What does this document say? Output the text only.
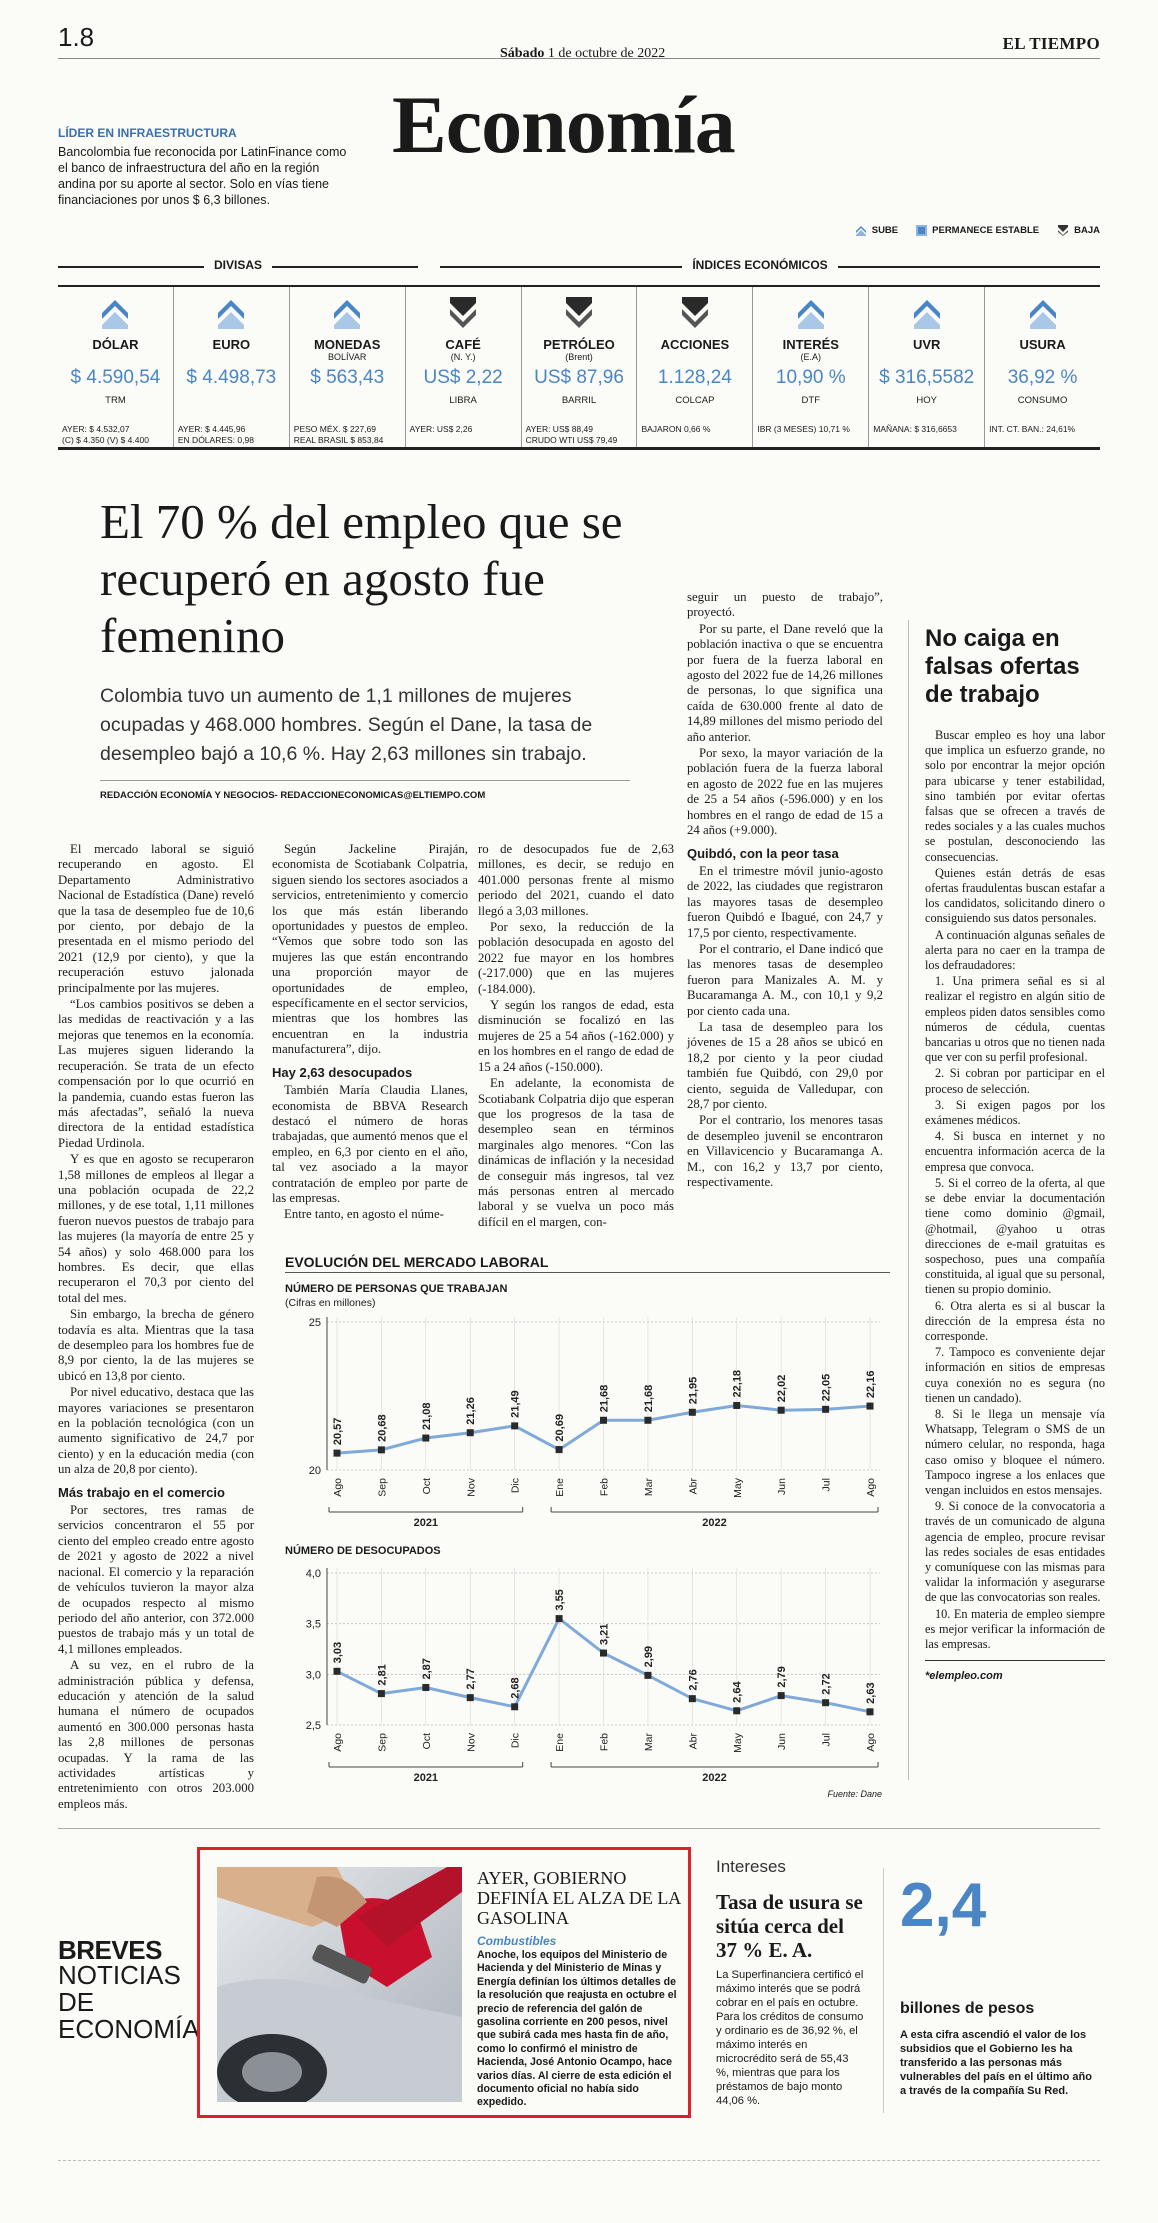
1.8
Sábado 1 de octubre de 2022
EL TIEMPO
Economía
LÍDER EN INFRAESTRUCTURA
Bancolombia fue reconocida por LatinFinance como el banco de infraestructura del año en la región andina por su aporte al sector. Solo en vías tiene financiaciones por unos $ 6,3 billones.
SUBE	PERMANECE ESTABLE	BAJA
DIVISAS	ÍNDICES ECONÓMICOS
DÓLAR
$ 4.590,54
TRM
AYER: $ 4.532,07
(C) $ 4.350 (V) $ 4.400
EURO
$ 4.498,73
AYER: $ 4.445,96
EN DÓLARES: 0,98
MONEDAS
BOLÍVAR
$ 563,43
PESO MÉX. $ 227,69
REAL BRASIL $ 853,84
CAFÉ
(N. Y.)
US$ 2,22
LIBRA
AYER: US$ 2,26
PETRÓLEO
(Brent)
US$ 87,96
BARRIL
AYER: US$ 88,49
CRUDO WTI US$ 79,49
ACCIONES
1.128,24
COLCAP
BAJARON 0,66 %
INTERÉS
(E.A)
10,90 %
DTF
IBR (3 MESES) 10,71 %
UVR
$ 316,5582
HOY
MAÑANA: $ 316,6653
USURA
36,92 %
CONSUMO
INT. CT. BAN.: 24,61%
El 70 % del empleo que se recuperó en agosto fue femenino
Colombia tuvo un aumento de 1,1 millones de mujeres ocupadas y 468.000 hombres. Según el Dane, la tasa de desempleo bajó a 10,6 %. Hay 2,63 millones sin trabajo.
REDACCIÓN ECONOMÍA Y NEGOCIOS- REDACCIONECONOMICAS@ELTIEMPO.COM

El mercado laboral se siguió recuperando en agosto. El Departamento Administrativo Nacional de Estadística (Dane) reveló que la tasa de desempleo fue de 10,6 por ciento, por debajo de la presentada en el mismo periodo del 2021 (12,9 por ciento), y que la recuperación estuvo jalonada principalmente por las mujeres.

“Los cambios positivos se deben a las medidas de reactivación y a las mejoras que tenemos en la economía. Las mujeres siguen liderando la recuperación. Se trata de un efecto compensación por lo que ocurrió en la pandemia, cuando estas fueron las más afectadas”, señaló la nueva directora de la entidad estadística Piedad Urdinola.

Y es que en agosto se recuperaron 1,58 millones de empleos al llegar a una población ocupada de 22,2 millones, y de ese total, 1,11 millones fueron nuevos puestos de trabajo para las mujeres (la mayoría de entre 25 y 54 años) y solo 468.000 para los hombres. Es decir, que ellas recuperaron el 70,3 por ciento del total del mes.

Sin embargo, la brecha de género todavía es alta. Mientras que la tasa de desempleo para los hombres fue de 8,9 por ciento, la de las mujeres se ubicó en 13,8 por ciento.

Por nivel educativo, destaca que las mayores variaciones se presentaron en la población tecnológica (con un aumento significativo de 24,7 por ciento) y en la educación media (con un alza de 20,8 por ciento).

Más trabajo en el comercio

Por sectores, tres ramas de servicios concentraron el 55 por ciento del empleo creado entre agosto de 2021 y agosto de 2022 a nivel nacional. El comercio y la reparación de vehículos tuvieron la mayor alza de ocupados respecto al mismo periodo del año anterior, con 372.000 puestos de trabajo más y un total de 4,1 millones empleados.

A su vez, en el rubro de la administración pública y defensa, educación y atención de la salud humana el número de ocupados aumentó en 300.000 personas hasta las 2,8 millones de personas ocupadas. Y la rama de las actividades artísticas y entretenimiento con otros 203.000 empleos más.

Según Jackeline Piraján, economista de Scotiabank Colpatria, siguen siendo los sectores asociados a servicios, entretenimiento y comercio los que más están liberando oportunidades y puestos de empleo. “Vemos que sobre todo son las mujeres las que están encontrando una proporción mayor de oportunidades de empleo, específicamente en el sector servicios, mientras que los hombres las encuentran en la industria manufacturera”, dijo.

Hay 2,63 desocupados

También María Claudia Llanes, economista de BBVA Research destacó el número de horas trabajadas, que aumentó menos que el empleo, en 6,3 por ciento en el año, tal vez asociado a la mayor contratación de empleo por parte de las empresas.

Entre tanto, en agosto el núme-

ro de desocupados fue de 2,63 millones, es decir, se redujo en 401.000 personas frente al mismo periodo del 2021, cuando el dato llegó a 3,03 millones.

Por sexo, la reducción de la población desocupada en agosto del 2022 fue mayor en los hombres (-217.000) que en las mujeres (-184.000).

Y según los rangos de edad, esta disminución se focalizó en las mujeres de 25 a 54 años (-162.000) y en los hombres en el rango de edad de 15 a 24 años (-150.000).

En adelante, la economista de Scotiabank Colpatria dijo que esperan que los progresos de la tasa de desempleo sean en términos marginales algo menores. “Con las dinámicas de inflación y la necesidad de conseguir más ingresos, tal vez más personas entren al mercado laboral y se vuelva un poco más difícil en el margen, con-

seguir un puesto de trabajo”, proyectó.

Por su parte, el Dane reveló que la población inactiva o que se encuentra por fuera de la fuerza laboral en agosto del 2022 fue de 14,26 millones de personas, lo que significa una caída de 630.000 frente al dato de 14,89 millones del mismo periodo del año anterior.

Por sexo, la mayor variación de la población fuera de la fuerza laboral en agosto de 2022 fue en las mujeres de 25 a 54 años (-596.000) y en los hombres en el rango de edad de 15 a 24 años (+9.000).

Quibdó, con la peor tasa

En el trimestre móvil junio-agosto de 2022, las ciudades que registraron las mayores tasas de desempleo fueron Quibdó e Ibagué, con 24,7 y 17,5 por ciento, respectivamente.

Por el contrario, el Dane indicó que las menores tasas de desempleo fueron para Manizales A. M. y Bucaramanga A. M., con 10,1 y 9,2 por ciento cada una.

La tasa de desempleo para los jóvenes de 15 a 28 años se ubicó en 18,2 por ciento y la peor ciudad también fue Quibdó, con 29,0 por ciento, seguida de Valledupar, con 28,7 por ciento.

Por el contrario, los menores tasas de desempleo juvenil se encontraron en Villavicencio y Bucaramanga A. M., con 16,2 y 13,7 por ciento, respectivamente.

No caiga en falsas ofertas de trabajo

Buscar empleo es hoy una labor que implica un esfuerzo grande, no solo por encontrar la mejor opción para ubicarse y tener estabilidad, sino también por evitar ofertas falsas que se ofrecen a través de redes sociales y a las cuales muchos se postulan, desconociendo las consecuencias.

Quienes están detrás de esas ofertas fraudulentas buscan estafar a los candidatos, solicitando dinero o consiguiendo sus datos personales.

A continuación algunas señales de alerta para no caer en la trampa de los defraudadores:

1. Una primera señal es si al realizar el registro en algún sitio de empleos piden datos sensibles como números de cédula, cuentas bancarias u otros que no tienen nada que ver con su perfil profesional.

2. Si cobran por participar en el proceso de selección.

3. Si exigen pagos por los exámenes médicos.

4. Si busca en internet y no encuentra información acerca de la empresa que convoca.

5. Si el correo de la oferta, al que se debe enviar la documentación tiene como dominio @gmail, @hotmail, @yahoo u otras direcciones de e-mail gratuitas es sospechoso, pues una compañía constituida, al igual que su personal, tienen su propio dominio.

6. Otra alerta es si al buscar la dirección de la empresa ésta no corresponde.

7. Tampoco es conveniente dejar información en sitios de empresas cuya conexión no es segura (no tienen un candado).

8. Si le llega un mensaje vía Whatsapp, Telegram o SMS de un número celular, no responda, haga caso omiso y bloquee el número. Tampoco ingrese a los enlaces que vengan incluidos en estos mensajes.

9. Si conoce de la convocatoria a través de un comunicado de alguna agencia de empleo, procure revisar las redes sociales de esas entidades y comuníquese con las mismas para validar la información y asegurarse de que las convocatorias son reales.

10. En materia de empleo siempre es mejor verificar la información de las empresas.

*elempleo.com
EVOLUCIÓN DEL MERCADO LABORAL
NÚMERO DE PERSONAS QUE TRABAJAN
(Cifras en millones)
25
20
20,57
Ago
20,68
Sep
21,08
Oct
21,26
Nov
21,49
Dic
20,69
Ene
21,68
Feb
21,68
Mar
21,95
Abr
22,18
May
22,02
Jun
22,05
Jul
22,16
Ago
2021	2022
NÚMERO DE DESOCUPADOS
4,0
3,5
3,0
2,5
3,03
Ago
2,81
Sep
2,87
Oct
2,77
Nov
2,68
Dic
3,55
Ene
3,21
Feb
2,99
Mar
2,76
Abr
2,64
May
2,79
Jun
2,72
Jul
2,63
Ago
2021	2022
Fuente: Dane
BREVES
NOTICIAS DE ECONOMÍA
AYER, GOBIERNO DEFINÍA EL ALZA DE LA GASOLINA
Combustibles
Anoche, los equipos del Ministerio de Hacienda y del Ministerio de Minas y Energía definían los últimos detalles de la resolución que reajusta en octubre el precio de referencia del galón de gasolina corriente en 200 pesos, nivel que subirá cada mes hasta fin de año, como lo confirmó el ministro de Hacienda, José Antonio Ocampo, hace varios días. Al cierre de esta edición el documento oficial no había sido expedido.
Intereses
Tasa de usura se sitúa cerca del 37 % E. A.
La Superfinanciera certificó el máximo interés que se podrá cobrar en el país en octubre. Para los créditos de consumo y ordinario es de 36,92 %, el máximo interés en microcrédito será de 55,43 %, mientras que para los préstamos de bajo monto 44,06 %.
2,4
billones de pesos
A esta cifra ascendió el valor de los subsidios que el Gobierno les ha transferido a las personas más vulnerables del país en el último año a través de la compañía Su Red.
